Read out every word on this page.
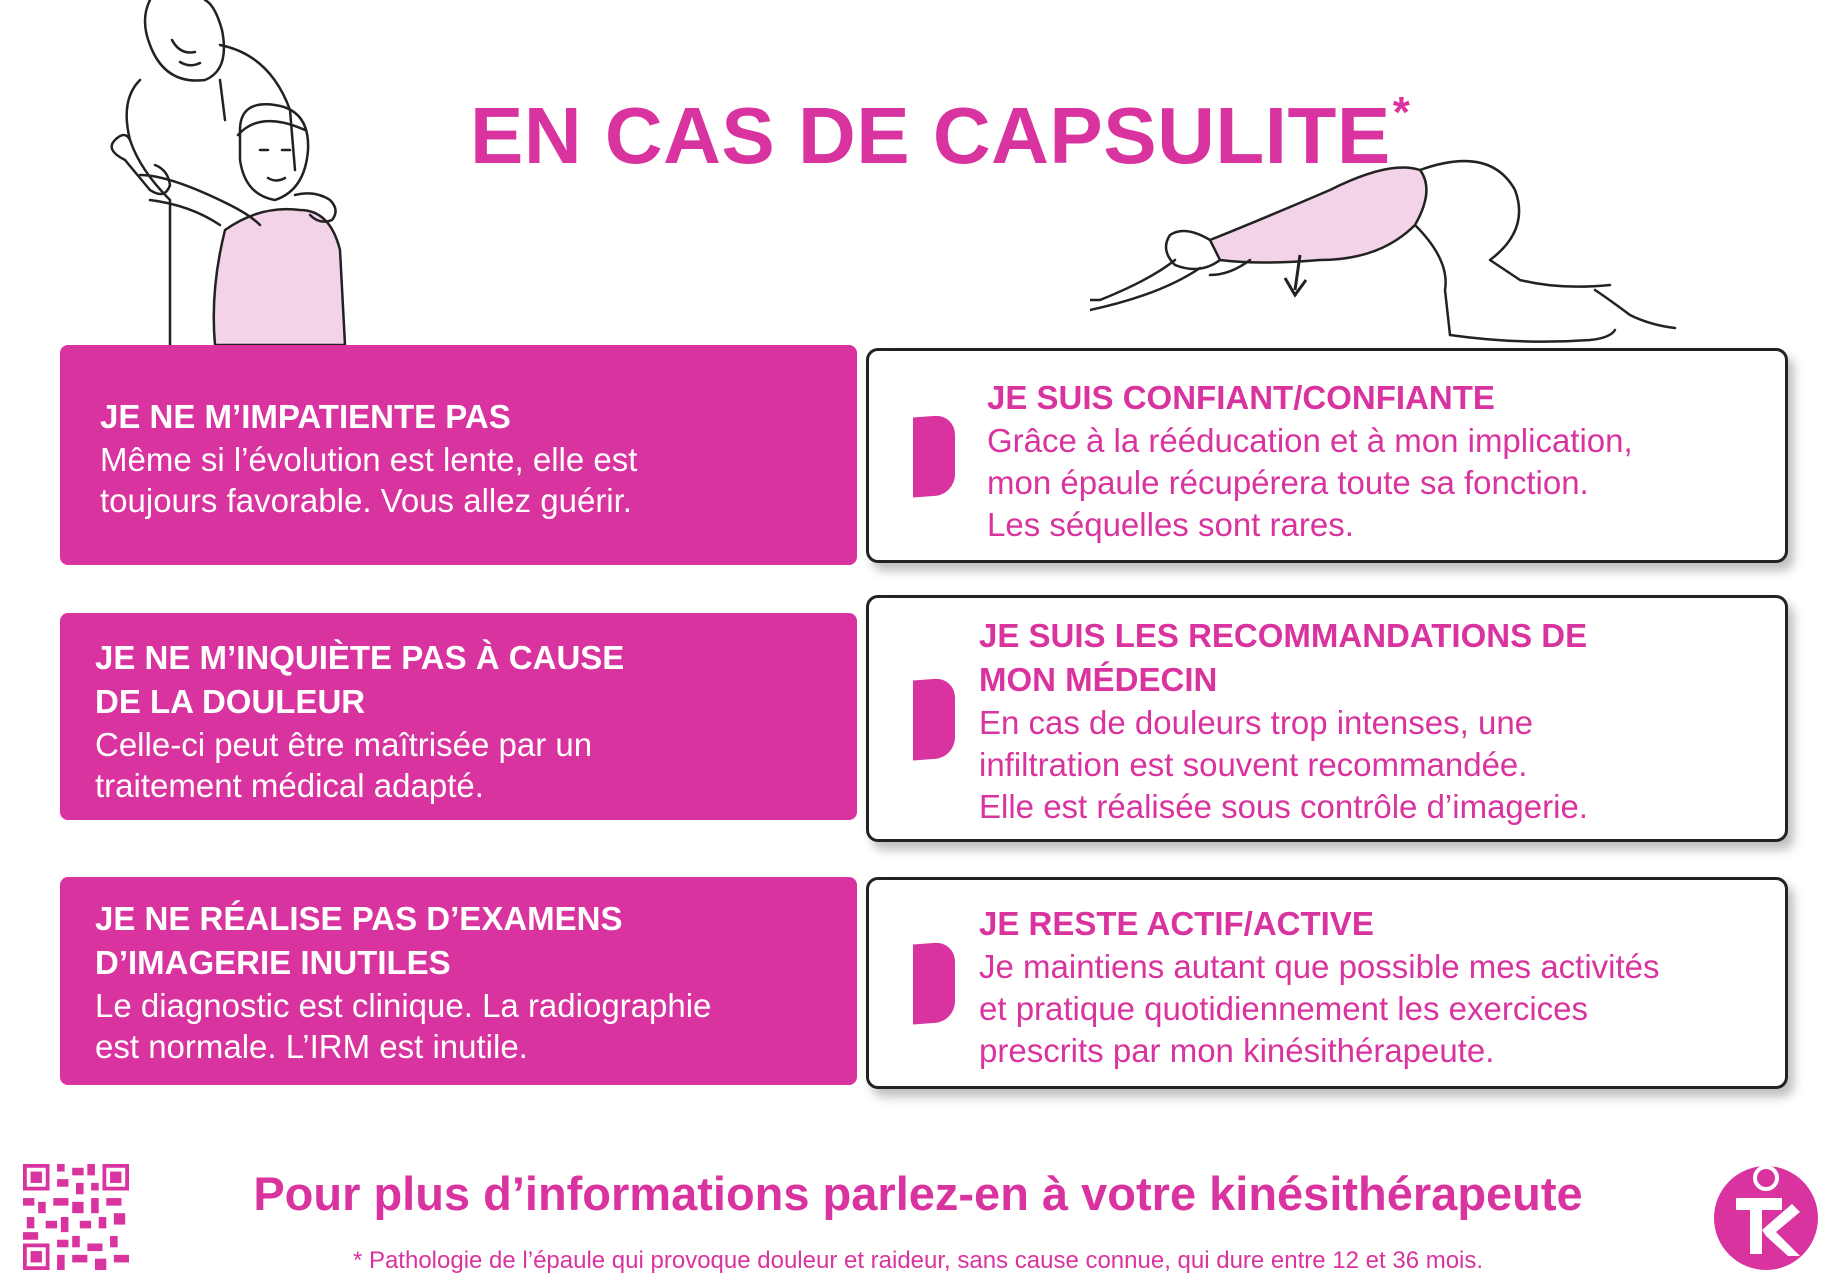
EN CAS DE CAPSULITE*
JE NE M’IMPATIENTE PAS
Même si l’évolution est lente, elle est
toujours favorable. Vous allez guérir.
JE NE M’INQUIÈTE PAS À CAUSE
DE LA DOULEUR
Celle-ci peut être maîtrisée par un
traitement médical adapté.
JE NE RÉALISE PAS D’EXAMENS
D’IMAGERIE INUTILES
Le diagnostic est clinique. La radiographie
est normale. L’IRM est inutile.
JE SUIS CONFIANT/CONFIANTE
Grâce à la rééducation et à mon implication,
mon épaule récupérera toute sa fonction.
Les séquelles sont rares.
JE SUIS LES RECOMMANDATIONS DE
MON MÉDECIN
En cas de douleurs trop intenses, une
infiltration est souvent recommandée.
Elle est réalisée sous contrôle d’imagerie.
JE RESTE ACTIF/ACTIVE
Je maintiens autant que possible mes activités
et pratique quotidiennement les exercices
prescrits par mon kinésithérapeute.
Pour plus d’informations parlez-en à votre kinésithérapeute
* Pathologie de l’épaule qui provoque douleur et raideur, sans cause connue, qui dure entre 12 et 36 mois.
